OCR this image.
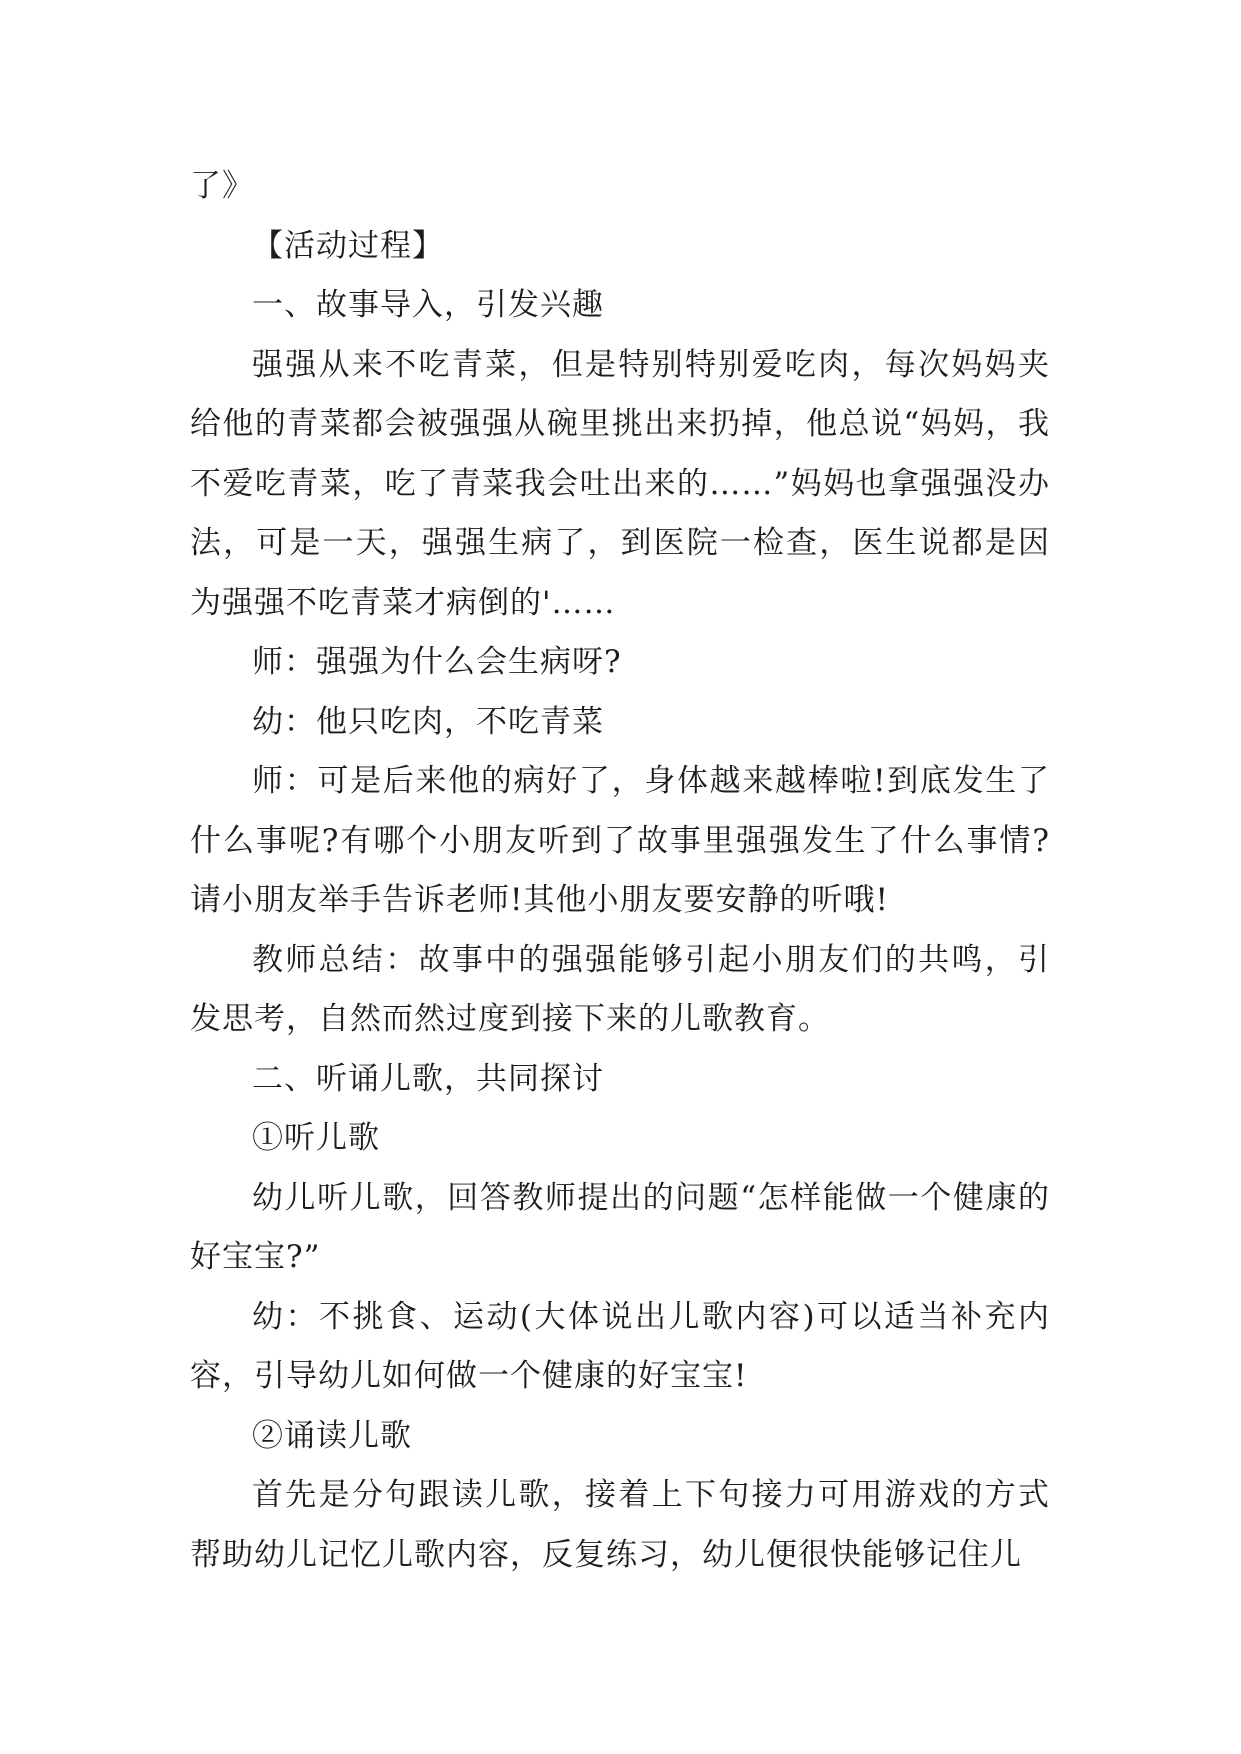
了》

【活动过程】

一、故事导入，引发兴趣

强强从来不吃青菜，但是特别特别爱吃肉，每次妈妈夹给他的青菜都会被强强从碗里挑出来扔掉，他总说“妈妈，我不爱吃青菜，吃了青菜我会吐出来的……”妈妈也拿强强没办法，可是一天，强强生病了，到医院一检查，医生说都是因为强强不吃青菜才病倒的'……

师：强强为什么会生病呀?

幼：他只吃肉，不吃青菜

师：可是后来他的病好了，身体越来越棒啦!到底发生了什么事呢?有哪个小朋友听到了故事里强强发生了什么事情?请小朋友举手告诉老师!其他小朋友要安静的听哦!

教师总结：故事中的强强能够引起小朋友们的共鸣，引发思考，自然而然过度到接下来的儿歌教育。

二、听诵儿歌，共同探讨

①听儿歌

幼儿听儿歌，回答教师提出的问题“怎样能做一个健康的好宝宝?”

幼：不挑食、运动(大体说出儿歌内容)可以适当补充内容，引导幼儿如何做一个健康的好宝宝!

②诵读儿歌

首先是分句跟读儿歌，接着上下句接力可用游戏的方式帮助幼儿记忆儿歌内容，反复练习，幼儿便很快能够记住儿
